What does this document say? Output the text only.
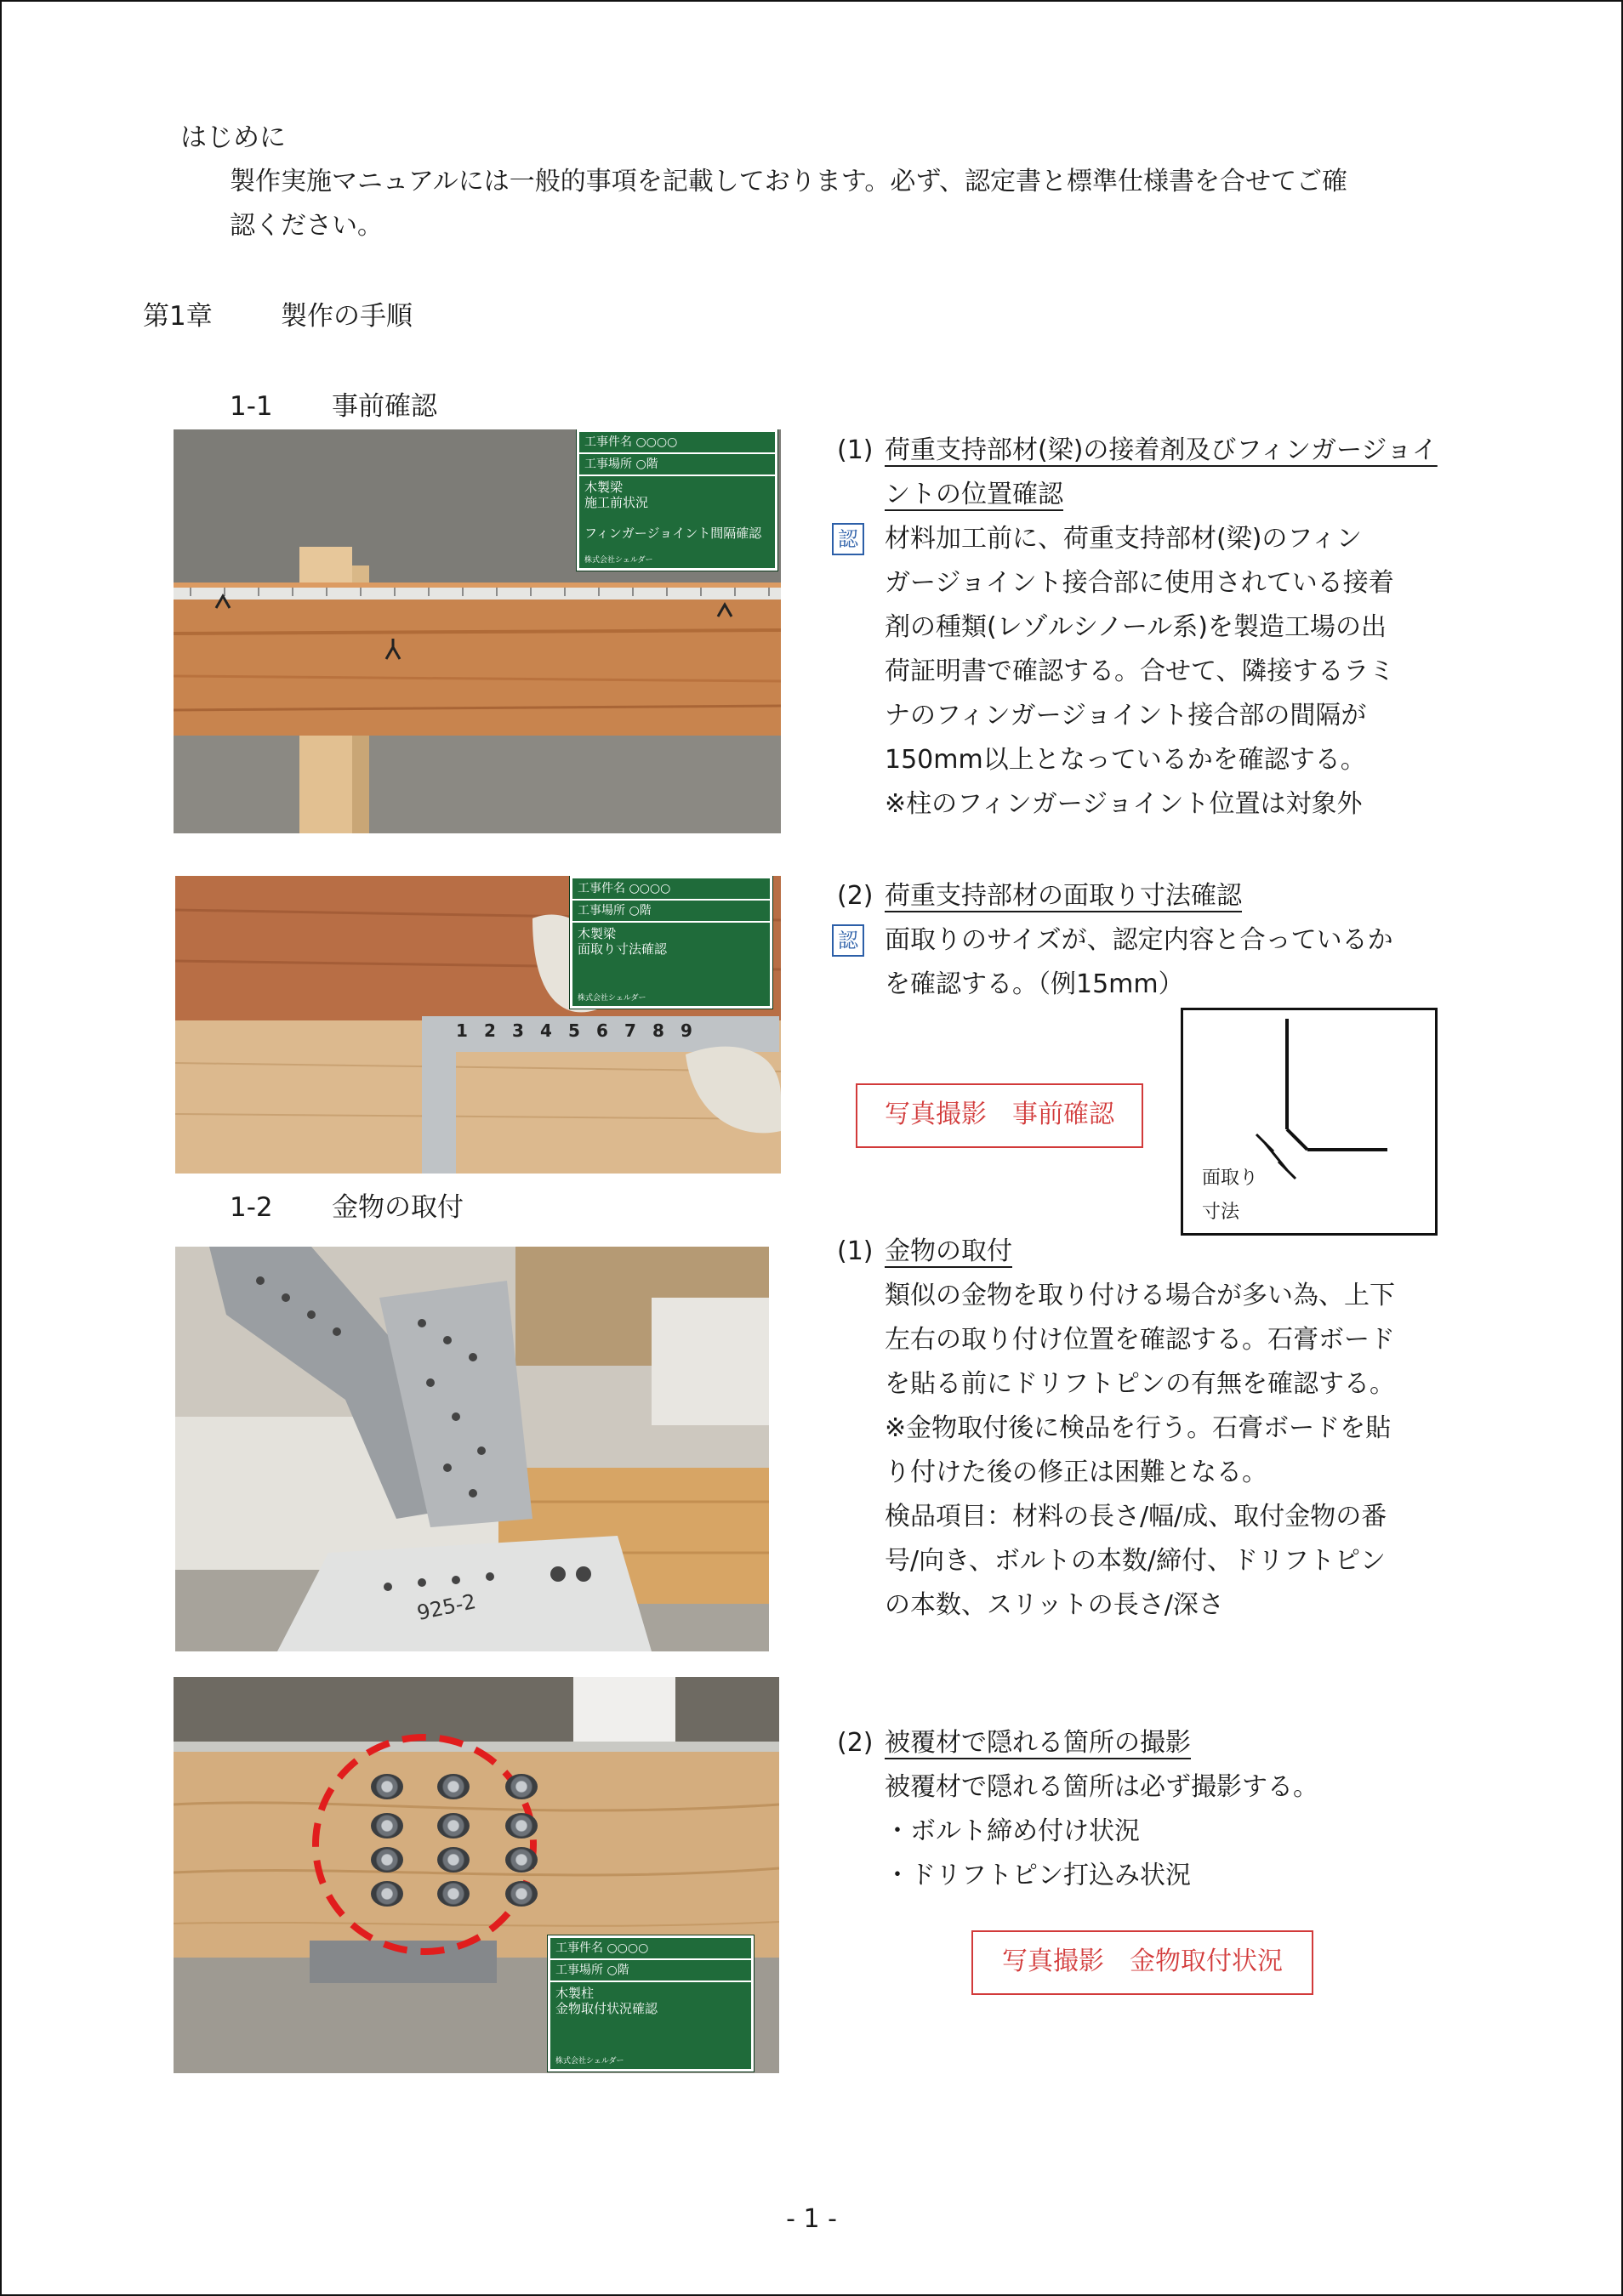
はじめに
製作実施マニュアルには一般的事項を記載しております。必ず、認定書と標準仕様書を合せてご確
認ください。
第1章	製作の手順
1-1 事前確認
工事件名 ○○○○
工事場所 ○階
木製梁
施工前状況

フィンガージョイント間隔確認
株式会社シェルダー
(1) 荷重支持部材(梁)の接着剤及びフィンガージョイ
ントの位置確認
認 材料加工前に、荷重支持部材(梁)のフィン
ガージョイント接合部に使用されている接着
剤の種類(レゾルシノール系)を製造工場の出
荷証明書で確認する。合せて、隣接するラミ
ナのフィンガージョイント接合部の間隔が
150mm以上となっているかを確認する。
※柱のフィンガージョイント位置は対象外
1 2 3 4 5 6 7 8 9
工事件名 ○○○○
工事場所 ○階
木製梁
面取り寸法確認
株式会社シェルダー
(2) 荷重支持部材の面取り寸法確認
認 面取りのサイズが、認定内容と合っているか
を確認する。（例15mm）
写真撮影　事前確認
面取り
寸法
1-2 金物の取付
925-2
(1) 金物の取付
類似の金物を取り付ける場合が多い為、上下
左右の取り付け位置を確認する。石膏ボード
を貼る前にドリフトピンの有無を確認する。
※金物取付後に検品を行う。石膏ボードを貼
り付けた後の修正は困難となる。
検品項目：材料の長さ/幅/成、取付金物の番
号/向き、ボルトの本数/締付、ドリフトピン
の本数、スリットの長さ/深さ
工事件名 ○○○○
工事場所 ○階
木製柱
金物取付状況確認
株式会社シェルダー
(2) 被覆材で隠れる箇所の撮影
被覆材で隠れる箇所は必ず撮影する。
・ボルト締め付け状況
・ドリフトピン打込み状況
写真撮影　金物取付状況
- 1 -
